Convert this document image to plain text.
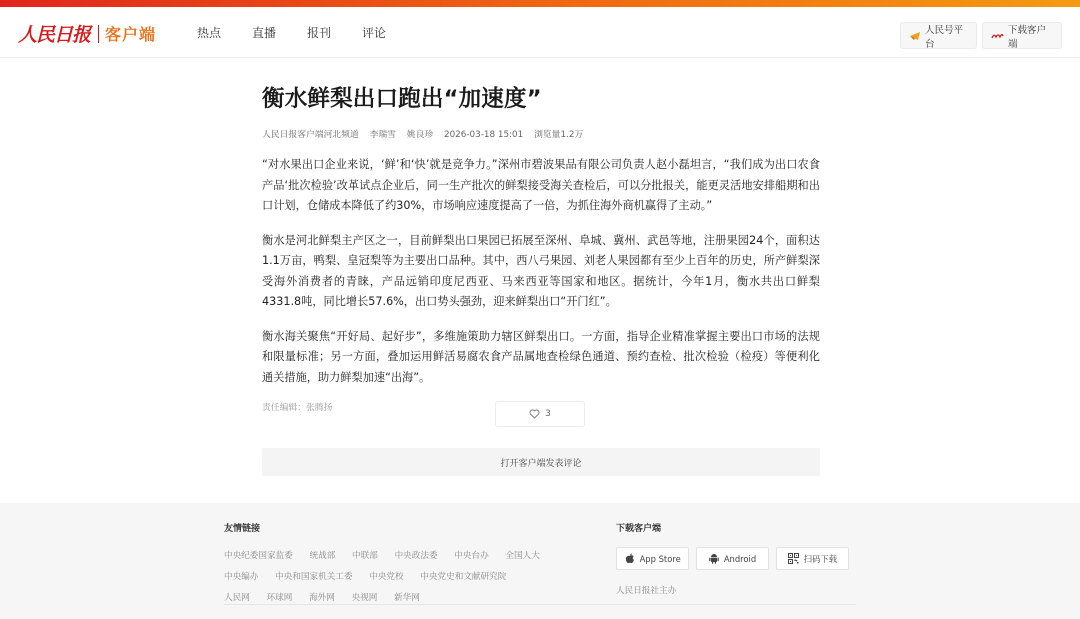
人民日报 客户端	热点	直播	报刊	评论	人民号平台
下载客户端
衡水鲜梨出口跑出“加速度”
人民日报客户端河北频道 李瑞雪 姚良珍 2026-03-18 15:01 浏览量1.2万

“对水果出口企业来说，‘鲜’和‘快’就是竞争力。”深州市碧波果品有限公司负责人赵小磊坦言，“我们成为出口农食产品‘批次检验’改革试点企业后，同一生产批次的鲜梨接受海关查检后，可以分批报关，能更灵活地安排船期和出口计划，仓储成本降低了约30%，市场响应速度提高了一倍，为抓住海外商机赢得了主动。”

衡水是河北鲜梨主产区之一，目前鲜梨出口果园已拓展至深州、阜城、冀州、武邑等地，注册果园24个，面积达1.1万亩，鸭梨、皇冠梨等为主要出口品种。其中，西八弓果园、刘老人果园都有至少上百年的历史，所产鲜梨深受海外消费者的青睐，产品远销印度尼西亚、马来西亚等国家和地区。据统计，今年1月，衡水共出口鲜梨4331.8吨，同比增长57.6%，出口势头强劲，迎来鲜梨出口“开门红”。

衡水海关聚焦“开好局、起好步”，多维施策助力辖区鲜梨出口。一方面，指导企业精准掌握主要出口市场的法规和限量标准；另一方面，叠加运用鲜活易腐农食产品属地查检绿色通道、预约查检、批次检验（检疫）等便利化通关措施，助力鲜梨加速“出海”。

责任编辑：张腾扬
3
打开客户端发表评论
友情链接
中央纪委国家监委 统战部 中联部 中央政法委 中央台办 全国人大
中央编办 中央和国家机关工委 中央党校 中央党史和文献研究院
人民网 环球网 海外网 央视网 新华网
下载客户端
App Store	Android	扫码下载
人民日报社主办
